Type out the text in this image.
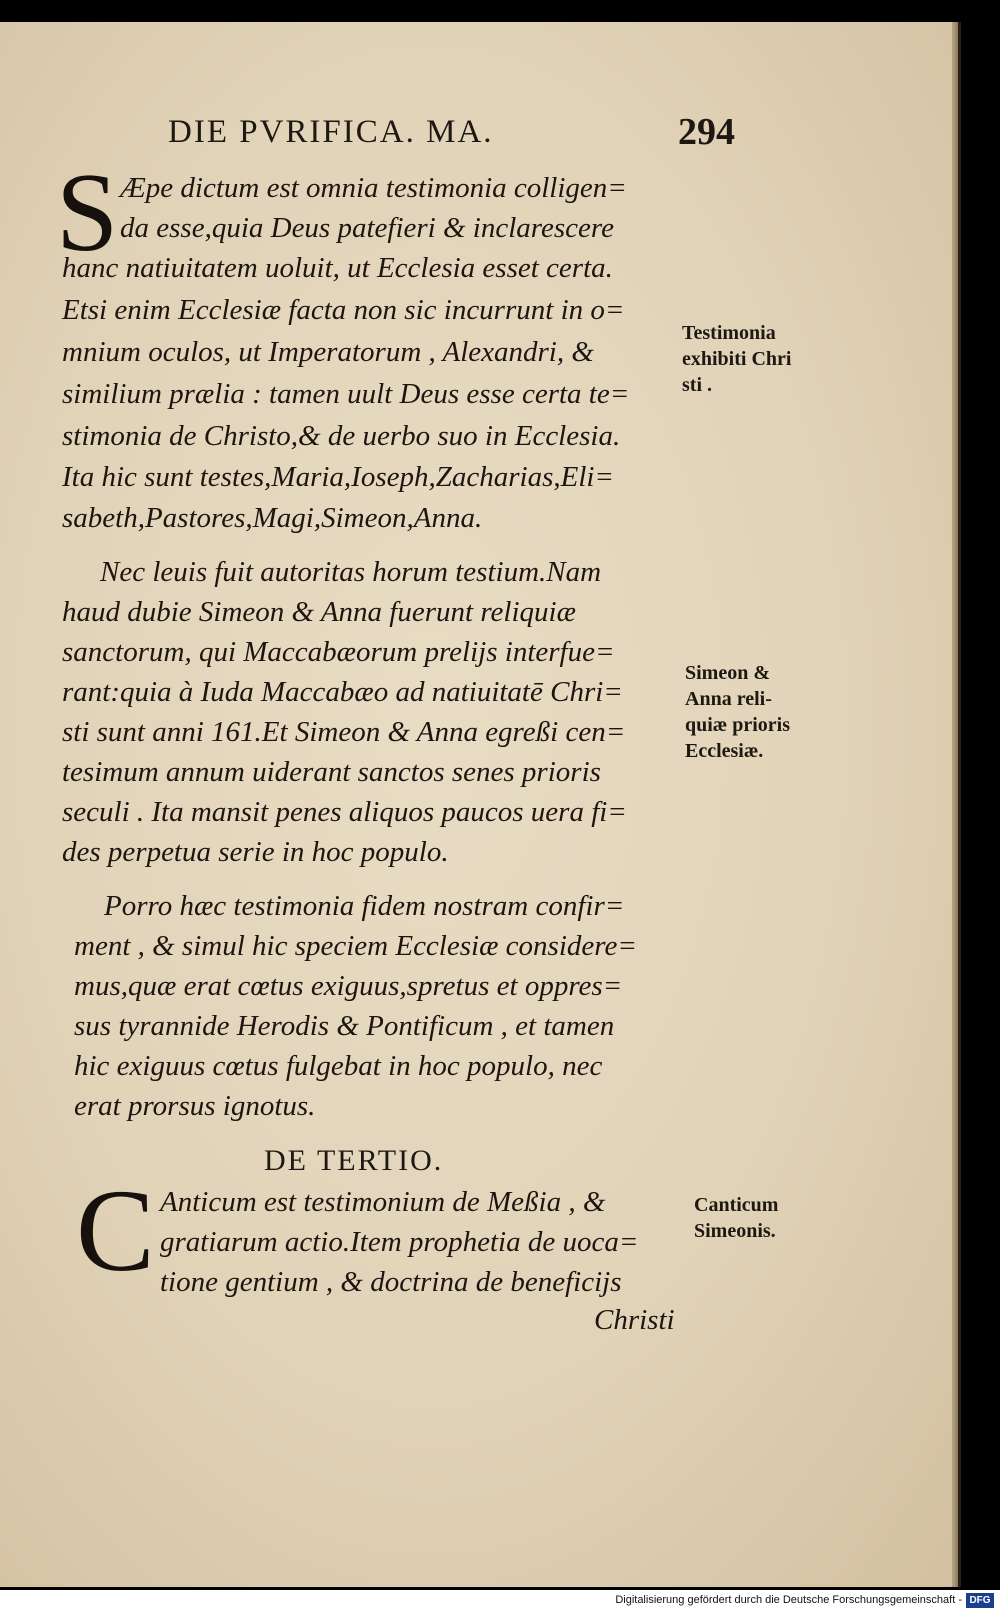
DIE PVRIFICA. MA.	294
S Æpe dictum est omnia testimonia colligen=
da esse,quia Deus patefieri & inclarescere
hanc natiuitatem uoluit, ut Ecclesia esset certa.
Etsi enim Ecclesiæ facta non sic incurrunt in o=
mnium oculos, ut Imperatorum , Alexandri, &
similium prælia : tamen uult Deus esse certa te=
stimonia de Christo,& de uerbo suo in Ecclesia.
Ita hic sunt testes,Maria,Ioseph,Zacharias,Eli=
sabeth,Pastores,Magi,Simeon,Anna.
Nec leuis fuit autoritas horum testium.Nam
haud dubie Simeon & Anna fuerunt reliquiæ
sanctorum, qui Maccabæorum prelijs interfue=
rant:quia à Iuda Maccabæo ad natiuitatē Chri=
sti sunt anni 161.Et Simeon & Anna egreßi cen=
tesimum annum uiderant sanctos senes prioris
seculi . Ita mansit penes aliquos paucos uera fi=
des perpetua serie in hoc populo.
Porro hæc testimonia fidem nostram confir=
ment , & simul hic speciem Ecclesiæ considere=
mus,quæ erat cœtus exiguus,spretus et oppres=
sus tyrannide Herodis & Pontificum , et tamen
hic exiguus cœtus fulgebat in hoc populo, nec
erat prorsus ignotus.
DE TERTIO.
C Anticum est testimonium de Meßia , &
gratiarum actio.Item prophetia de uoca=
tione gentium , & doctrina de beneficijs
Christi
Testimonia
exhibiti Chri
sti .
Simeon &
Anna reli-
quiæ prioris
Ecclesiæ.
Canticum
Simeonis.
Digitalisierung gefördert durch die Deutsche Forschungsgemeinschaft - DFG
